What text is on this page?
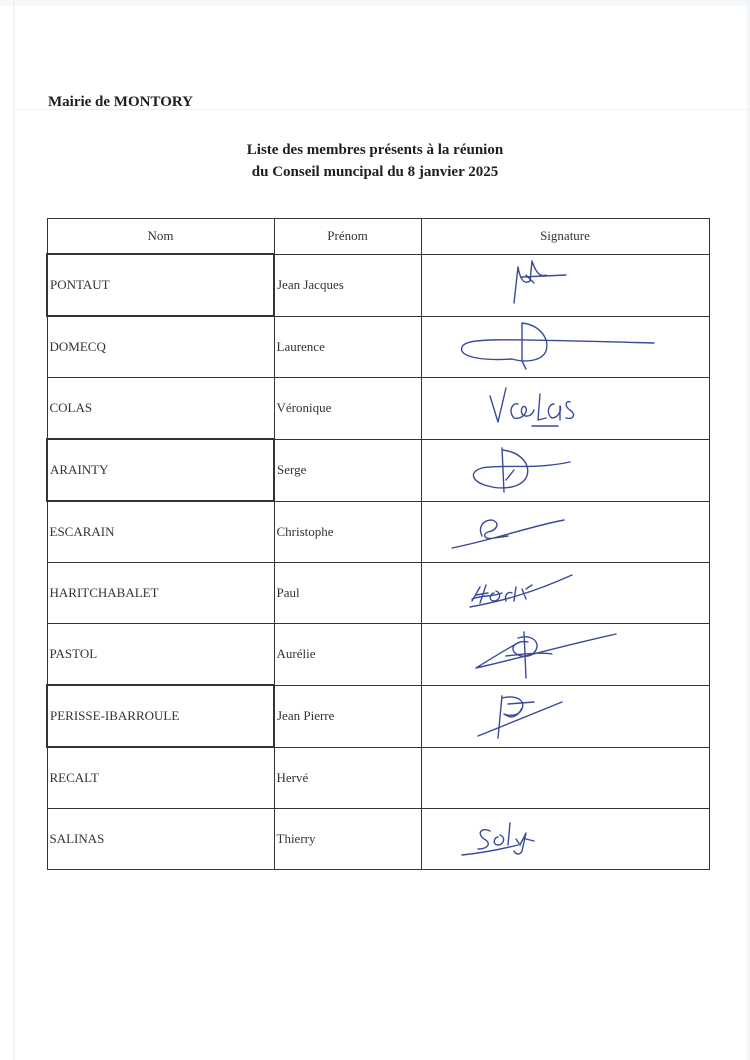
Mairie de MONTORY
Liste des membres présents à la réunion
du Conseil muncipal du 8 janvier 2025
Nom	Prénom	Signature
PONTAUT	Jean Jacques	

DOMECQ	Laurence	

COLAS	Véronique	

ARAINTY	Serge	

ESCARAIN	Christophe	

HARITCHABALET	Paul	

PASTOL	Aurélie	

PERISSE-IBARROULE	Jean Pierre	

RECALT	Hervé	
SALINAS	Thierry	
